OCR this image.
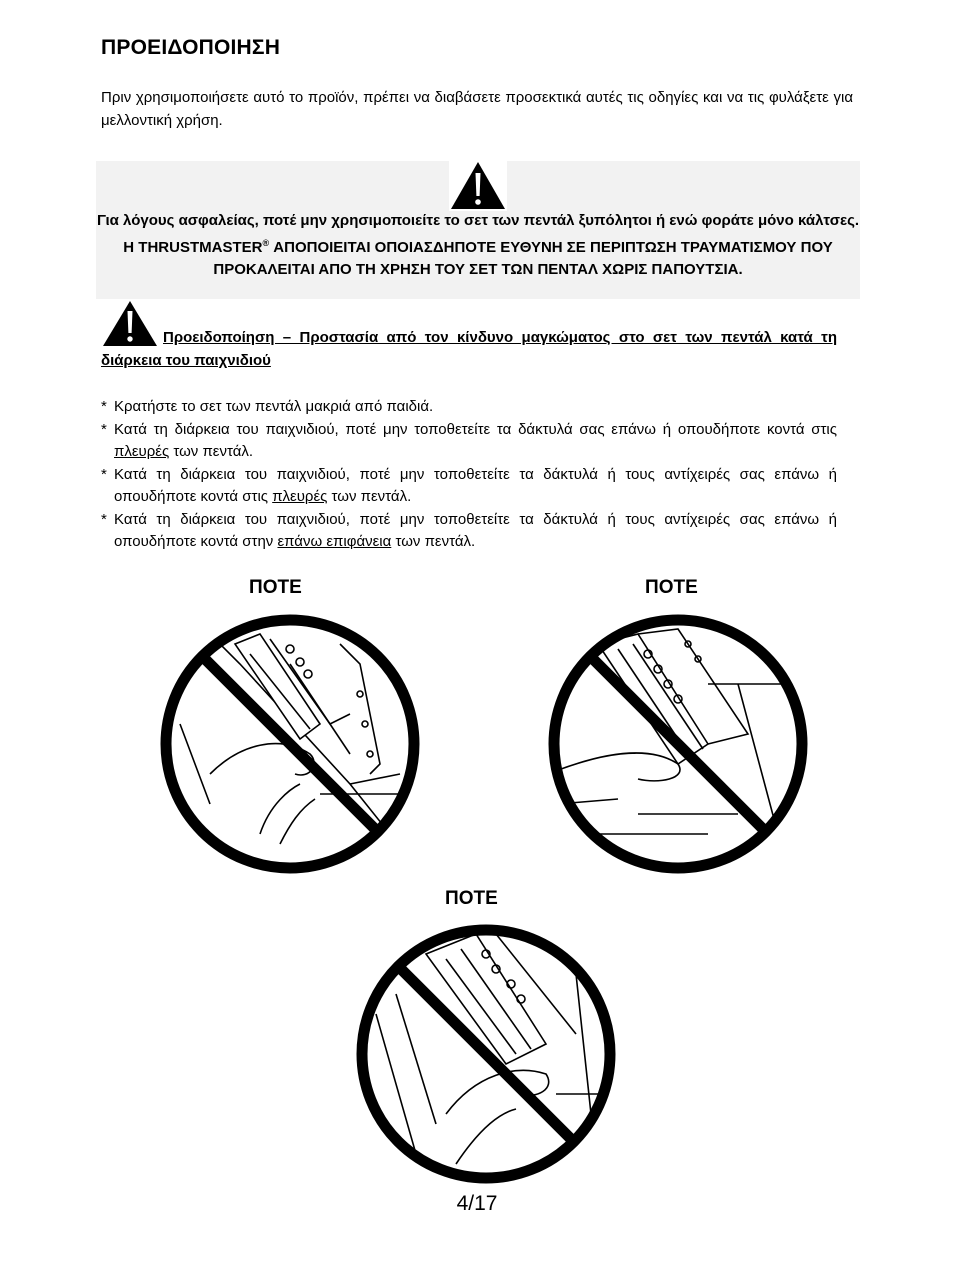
ΠΡΟΕΙΔΟΠΟΙΗΣΗ
Πριν χρησιμοποιήσετε αυτό το προϊόν, πρέπει να διαβάσετε προσεκτικά αυτές τις οδηγίες και να τις φυλάξετε για μελλοντική χρήση.
Για λόγους ασφαλείας, ποτέ μην χρησιμοποιείτε το σετ των πεντάλ ξυπόλητοι ή ενώ φοράτε μόνο κάλτσες.
Η THRUSTMASTER® ΑΠΟΠΟΙΕΙΤΑΙ ΟΠΟΙΑΣΔΗΠΟΤΕ ΕΥΘΥΝΗ ΣΕ ΠΕΡΙΠΤΩΣΗ ΤΡΑΥΜΑΤΙΣΜΟΥ ΠΟΥ ΠΡΟΚΑΛΕΙΤΑΙ ΑΠΟ ΤΗ ΧΡΗΣΗ ΤΟΥ ΣΕΤ ΤΩΝ ΠΕΝΤΑΛ ΧΩΡΙΣ ΠΑΠΟΥΤΣΙΑ.
Προειδοποίηση – Προστασία από τον κίνδυνο μαγκώματος στο σετ των πεντάλ κατά τη διάρκεια του παιχνιδιού
* Κρατήστε το σετ των πεντάλ μακριά από παιδιά.
* Κατά τη διάρκεια του παιχνιδιού, ποτέ μην τοποθετείτε τα δάκτυλά σας επάνω ή οπουδήποτε κοντά στις πλευρές των πεντάλ.
* Κατά τη διάρκεια του παιχνιδιού, ποτέ μην τοποθετείτε τα δάκτυλά ή τους αντίχειρές σας επάνω ή οπουδήποτε κοντά στις πλευρές των πεντάλ.
* Κατά τη διάρκεια του παιχνιδιού, ποτέ μην τοποθετείτε τα δάκτυλά ή τους αντίχειρές σας επάνω ή οπουδήποτε κοντά στην επάνω επιφάνεια των πεντάλ.
ΠΟΤΕ	ΠΟΤΕ
ΠΟΤΕ
4/17
